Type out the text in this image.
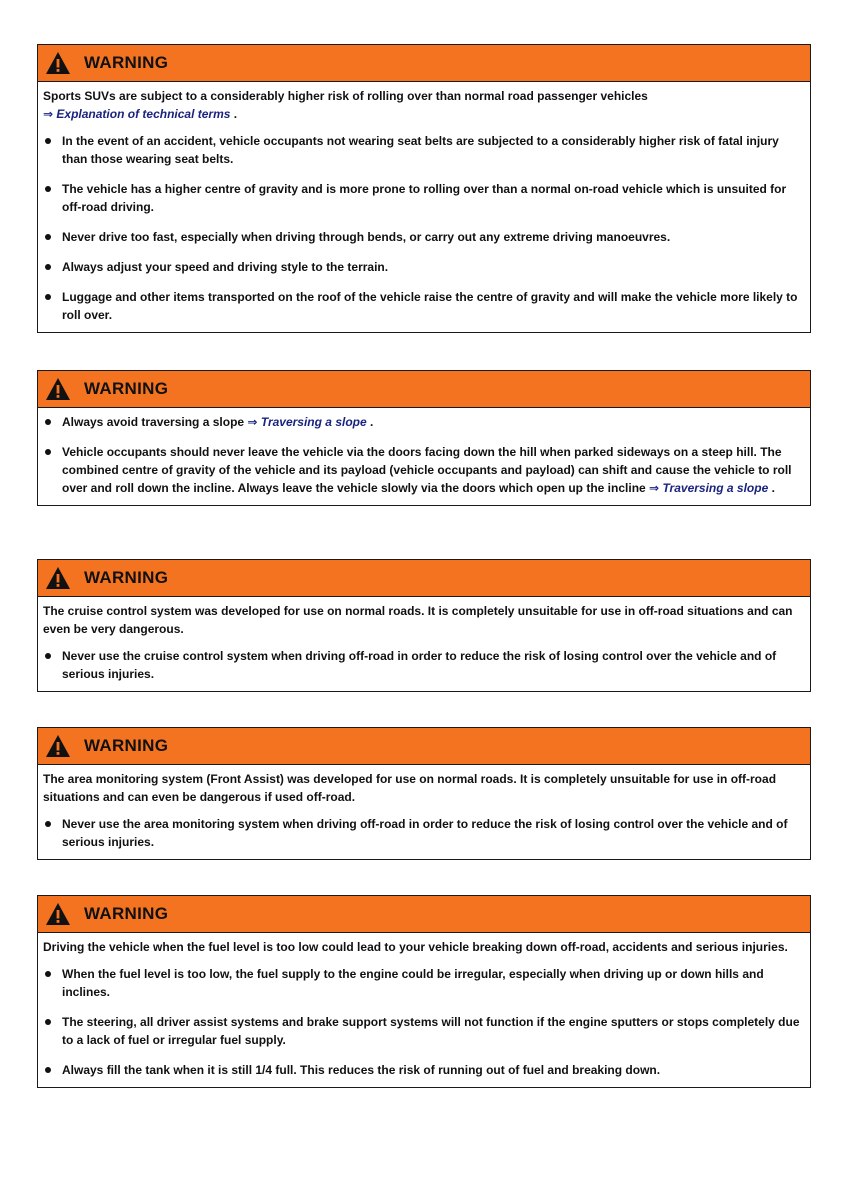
WARNING

Sports SUVs are subject to a considerably higher risk of rolling over than normal road passenger vehicles
⇒ Explanation of technical terms .

In the event of an accident, vehicle occupants not wearing seat belts are subjected to a considerably higher risk of fatal injury than those wearing seat belts.
The vehicle has a higher centre of gravity and is more prone to rolling over than a normal on-road vehicle which is unsuited for off-road driving.
Never drive too fast, especially when driving through bends, or carry out any extreme driving manoeuvres.
Always adjust your speed and driving style to the terrain.
Luggage and other items transported on the roof of the vehicle raise the centre of gravity and will make the vehicle more likely to roll over.
WARNING
Always avoid traversing a slope ⇒ Traversing a slope .
Vehicle occupants should never leave the vehicle via the doors facing down the hill when parked sideways on a steep hill. The combined centre of gravity of the vehicle and its payload (vehicle occupants and payload) can shift and cause the vehicle to roll over and roll down the incline. Always leave the vehicle slowly via the doors which open up the incline ⇒ Traversing a slope .
WARNING

The cruise control system was developed for use on normal roads. It is completely unsuitable for use in off-road situations and can even be very dangerous.

Never use the cruise control system when driving off-road in order to reduce the risk of losing control over the vehicle and of serious injuries.
WARNING

The area monitoring system (Front Assist) was developed for use on normal roads. It is completely unsuitable for use in off-road situations and can even be dangerous if used off-road.

Never use the area monitoring system when driving off-road in order to reduce the risk of losing control over the vehicle and of serious injuries.
WARNING

Driving the vehicle when the fuel level is too low could lead to your vehicle breaking down off-road, accidents and serious injuries.

When the fuel level is too low, the fuel supply to the engine could be irregular, especially when driving up or down hills and inclines.
The steering, all driver assist systems and brake support systems will not function if the engine sputters or stops completely due to a lack of fuel or irregular fuel supply.
Always fill the tank when it is still 1/4 full. This reduces the risk of running out of fuel and breaking down.
